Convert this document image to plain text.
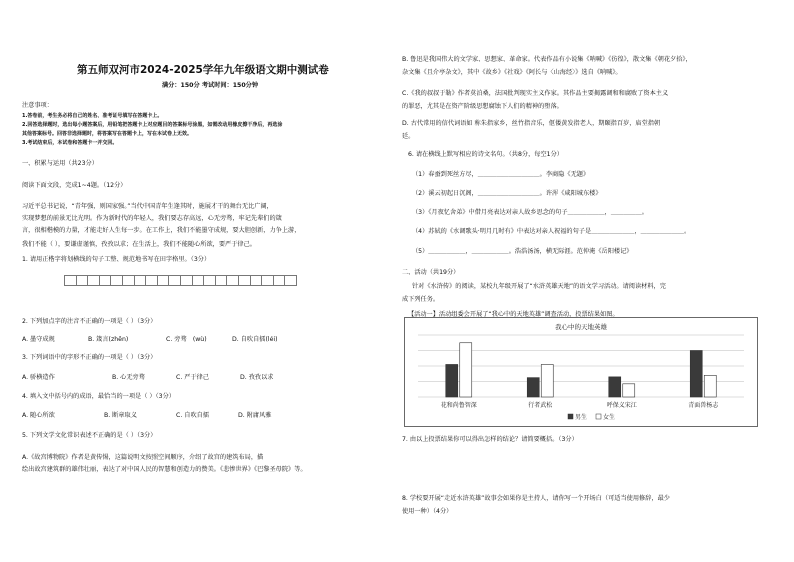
第五师双河市2024-2025学年九年级语文期中测试卷
满分：150分 考试时间：150分钟
注意事项：
1.答卷前，考生务必将自己的姓名、准考证号填写在答题卡上。
2.回答选择题时，选出每小题答案后，用铅笔把答题卡上对应题目的答案标号涂黑，如需改动用橡皮擦干净后，再选涂
其他答案标号。回答非选择题时，将答案写在答题卡上，写在本试卷上无效。
3.考试结束后，本试卷和答题卡一并交回。
一、积累与运用（共23分）
阅读下面文段，完成1~4题。（12分）
习近平总书记说，“青年强，则国家强。”当代中国青年生逢其时，施展才干的舞台无比广阔，
实现梦想的前景无比光明。作为新时代的年轻人，我们要志存高远，心无旁骛，牢记先辈们的箴
言，很相楷模的力量，才能走好人生每一步。在工作上，我们不能墨守成规，要大胆创新，力争上游，
我们不能（ ），要谦虚谨慎，孜孜以求；在生活上，我们不能随心所欲，要严于律己。
1. 请用正楷字将划横线的句子工整、规范地书写在田字格里。（3分）
2. 下列加点字的注音不正确的一项是（ ）（3分）
A. 墨守成规	B. 箴言(zhēn)	C. 旁骛　(wù)	D. 自吹自擂(léi)
3. 下列词语中的字形不正确的一项是（ ）（3分）
A. 骄横造作	B. 心无旁骛	C. 严于律己	D. 孜孜以求
4. 填入文中括号内的成语，最恰当的一项是（ ）（3分）
A. 随心所欲	B. 断章取义	C. 自吹自擂	D. 附庸风雅
5. 下列文学文化常识表述不正确的是（ ）（3分）
A.《故宫博物院》作者是黄传惕，这篇说明文按照空间顺序，介绍了故宫的建筑布局，描
绘出故宫建筑群的雄伟壮丽，表达了对中国人民的智慧和创造力的赞美。《悲惨世界》《巴黎圣母院》等。
B. 鲁迅是我国伟大的文学家、思想家、革命家。代表作品有小说集《呐喊》《彷徨》，散文集《朝花夕拾》，
杂文集《且介亭杂文》，其中《故乡》《社戏》《阿长与〈山海经〉》选自《呐喊》。
C.《我的叔叔于勒》作者莫泊桑，法国批判现实主义作家。其作品主要揭露调和和腐败了资本主义
的罪恶，尤其是在资产阶级思想腐蚀下人们的精神的堕落。
D. 古代常用的信代词语如 称朱指家乡，丝竹指音乐，伛偻黄发指老人，期颐指百岁，庙堂指朝
廷。
6. 请在横线上默写相应的诗文名句。（共8分，每空1分）
（1）春蚕到死丝方尽，＿＿＿＿＿＿＿＿＿＿。李商隐《无题》
（2）溪云初起日沉阁，＿＿＿＿＿＿＿＿＿＿。许浑《咸阳城东楼》
（3）《月夜忆舍弟》中借月亮表达对亲人故乡思念的句子＿＿＿＿＿＿，＿＿＿＿＿。
（4）苏轼的《水调歌头·明月几时有》中表达对亲人祝福的句子是＿＿＿＿＿＿＿，＿＿＿＿＿＿＿。
（5）＿＿＿＿＿＿，＿＿＿＿＿＿。浩浩汤汤，横无际涯。范仲淹《岳阳楼记》
二、活动（共19分）
针对《水浒传》的阅读，某校九年级开展了“水浒英雄天地”的语文学习活动。请阅读材料，完
成下列任务。
【活动一】活动组委会开展了“我心中的天地英雄”调查活动，投票结果如图。
我心中的天地英雄
花和尚鲁智深	行者武松	呼保义宋江	青面兽杨志
男生	女生
7. 由以上投票结果你可以得出怎样的结论？请简要概括。（3分）
8. 学校要开展“走近水浒英雄”故事会如果你是主持人，请你写一个开场白（可适当使用修辞，最少
使用一种）（4分）
